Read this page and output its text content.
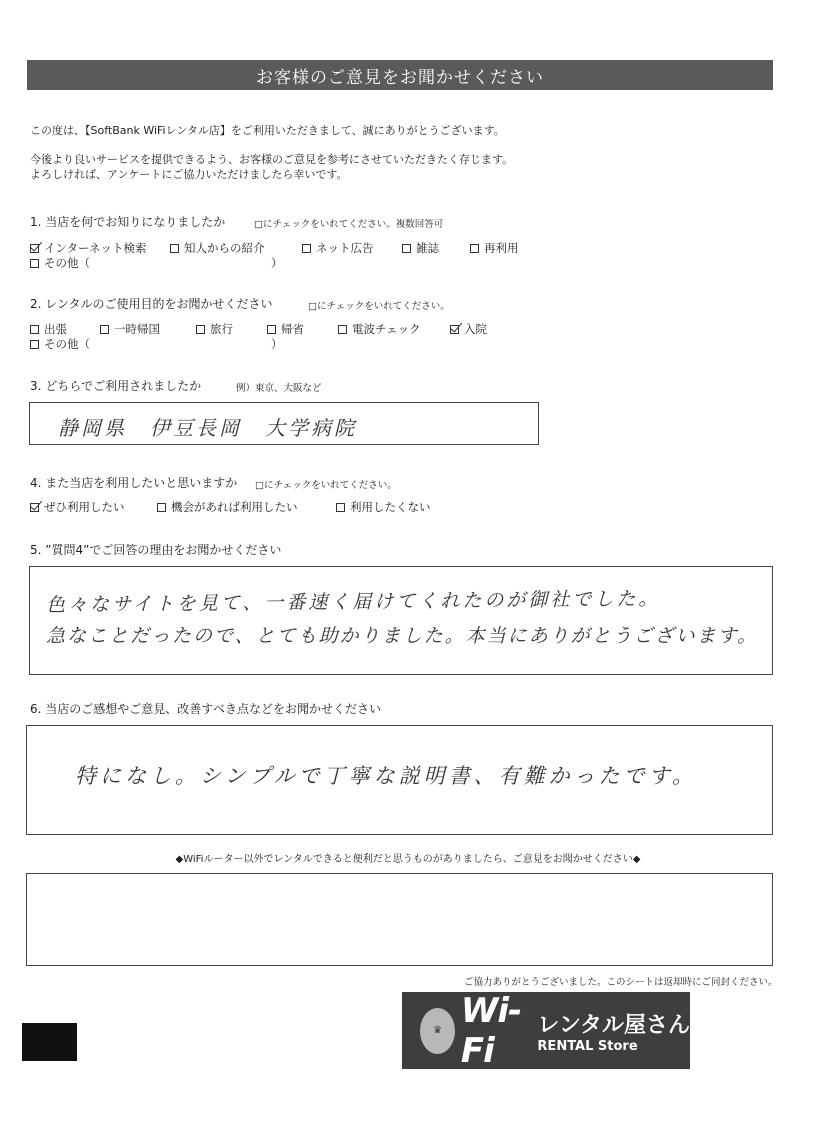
お客様のご意見をお聞かせください
この度は、【SoftBank WiFiレンタル店】をご利用いただきまして、誠にありがとうございます。
今後より良いサービスを提供できるよう、お客様のご意見を参考にさせていただきたく存じます。
よろしければ、アンケートにご協力いただけましたら幸いです。
1. 当店を何でお知りになりましたか	□にチェックをいれてください。複数回答可
インターネット検索	知人からの紹介	ネット広告	雑誌	再利用
その他（	）
2. レンタルのご使用目的をお聞かせください	□にチェックをいれてください。
出張	一時帰国	旅行	帰省	電波チェック	入院
その他（	）
3. どちらでご利用されましたか	例）東京、大阪など
静岡県　伊豆長岡　大学病院
4. また当店を利用したいと思いますか □にチェックをいれてください。
ぜひ利用したい	機会があれば利用したい	利用したくない
5. ”質問4”でご回答の理由をお聞かせください
色々なサイトを見て、一番速く届けてくれたのが御社でした。
急なことだったので、とても助かりました。本当にありがとうございます。
6. 当店のご感想やご意見、改善すべき点などをお聞かせください
特になし。シンプルで丁寧な説明書、有難かったです。
◆WiFiルーター以外でレンタルできると便利だと思うものがありましたら、ご意見をお聞かせください◆
ご協力ありがとうございました。このシートは返却時にご同封ください。
♛ Wi-Fi
レンタル屋さん
RENTAL Store
